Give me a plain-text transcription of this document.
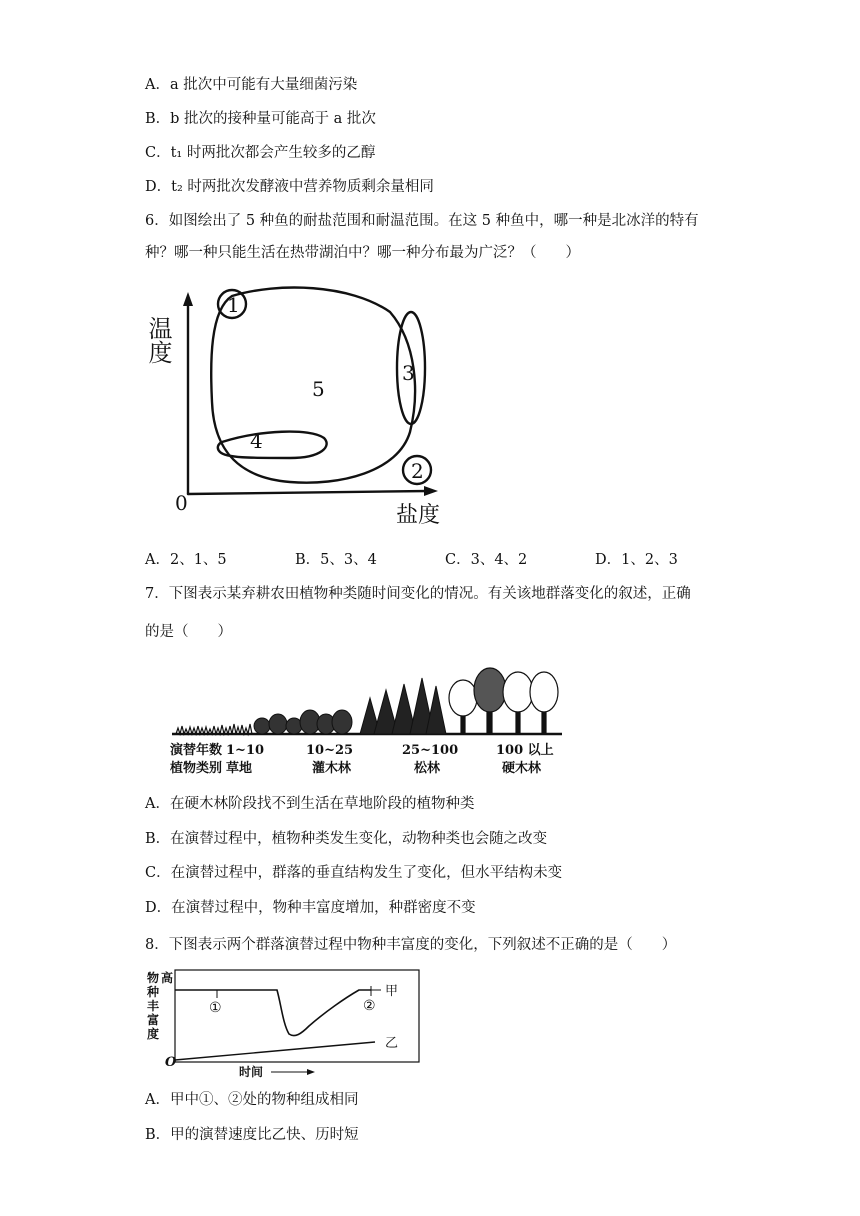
A．a 批次中可能有大量细菌污染
B．b 批次的接种量可能高于 a 批次
C．t₁ 时两批次都会产生较多的乙醇
D．t₂ 时两批次发酵液中营养物质剩余量相同
6．如图绘出了 5 种鱼的耐盐范围和耐温范围。在这 5 种鱼中，哪一种是北冰洋的特有
种？哪一种只能生活在热带湖泊中？哪一种分布最为广泛？（　　）
1
3
5
4
2
0
温度
盐度
A．2、1、5	B．5、3、4	C．3、4、2	D．1、2、3
7．下图表示某弃耕农田植物种类随时间变化的情况。有关该地群落变化的叙述，正确
的是（　　）
演替年数 1~10	10~25	25~100	100 以上
植物类别 草地	灌木林	松林	硬木林
A．在硬木林阶段找不到生活在草地阶段的植物种类
B．在演替过程中，植物种类发生变化，动物种类也会随之改变
C．在演替过程中，群落的垂直结构发生了变化，但水平结构未变
D．在演替过程中，物种丰富度增加，种群密度不变
8．下图表示两个群落演替过程中物种丰富度的变化，下列叙述不正确的是（　　）
物
种
丰
富
度
高
时间
O
①	②
甲
乙
A．甲中①、②处的物种组成相同
B．甲的演替速度比乙快、历时短
